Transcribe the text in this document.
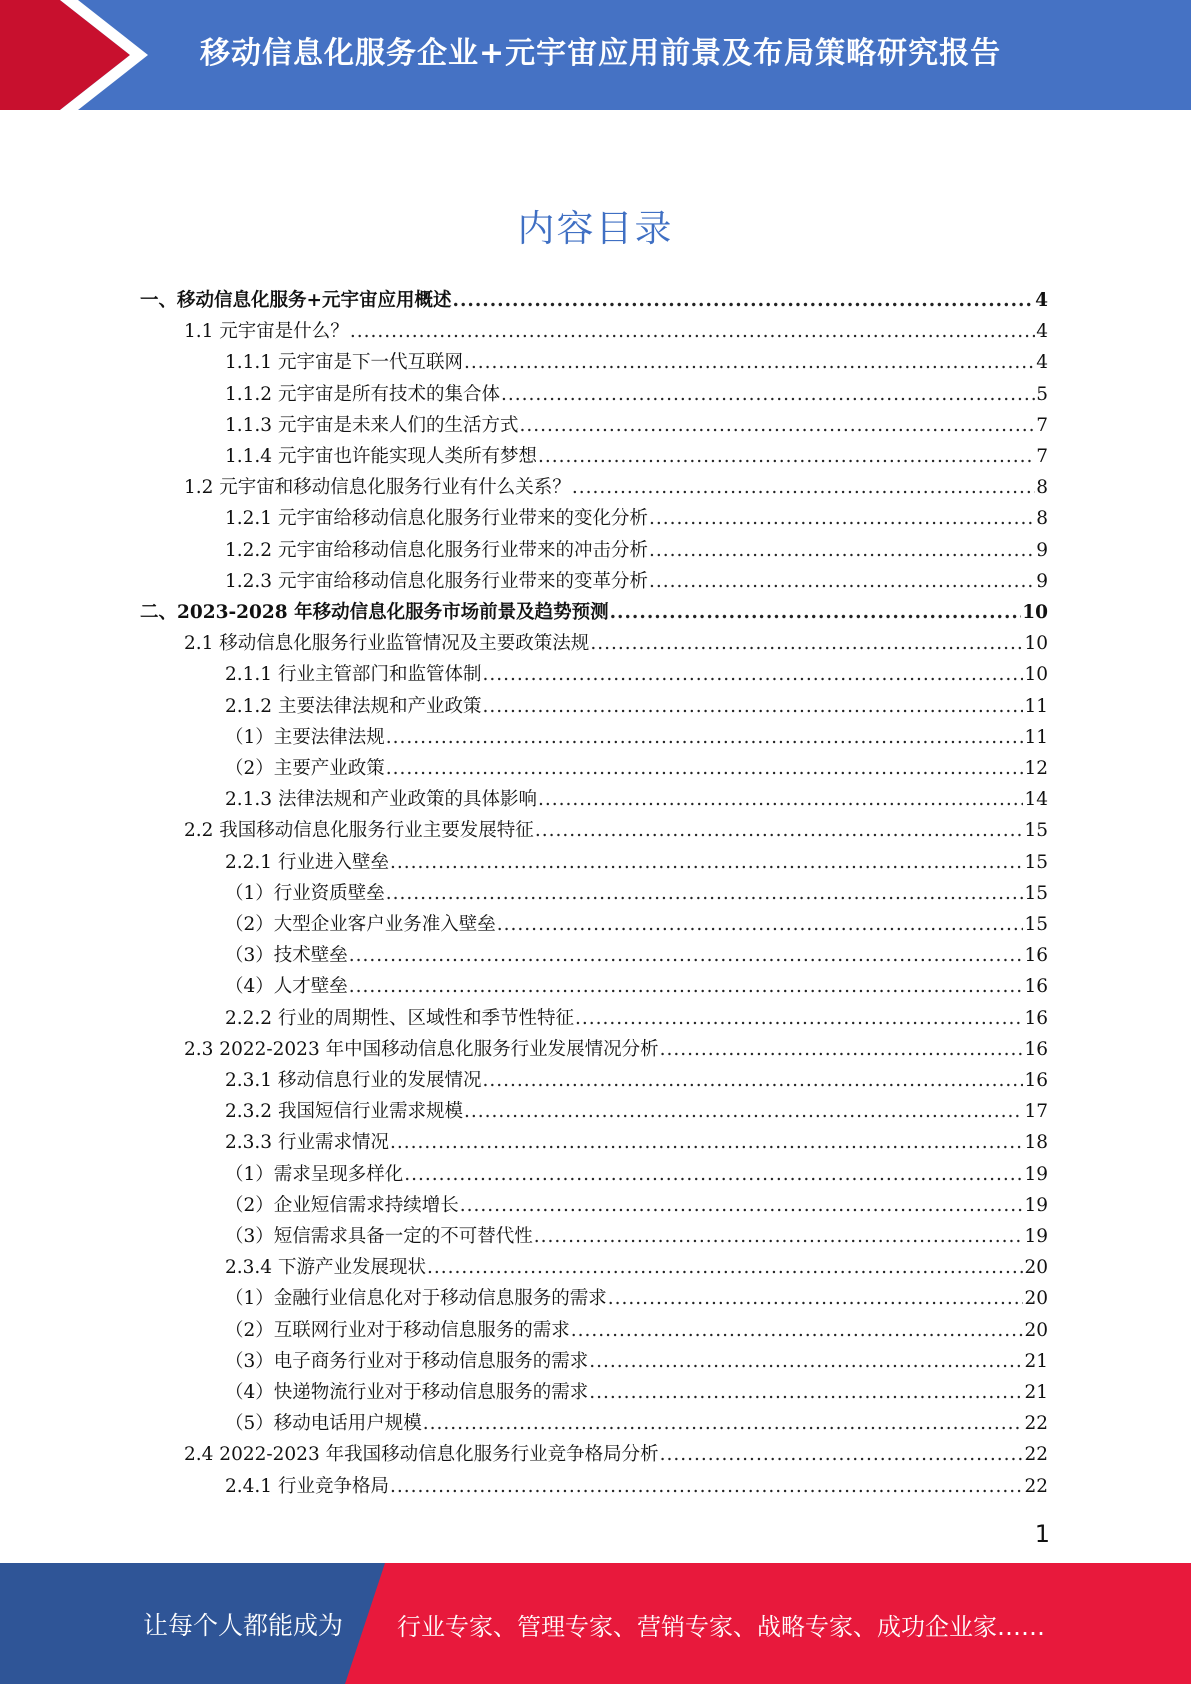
移动信息化服务企业+元宇宙应用前景及布局策略研究报告
内容目录
一、移动信息化服务+元宇宙应用概述 .....	4
1.1 元宇宙是什么？ .....	4
1.1.1 元宇宙是下一代互联网 .....	4
1.1.2 元宇宙是所有技术的集合体 .....	5
1.1.3 元宇宙是未来人们的生活方式 .....	7
1.1.4 元宇宙也许能实现人类所有梦想 .....	7
1.2 元宇宙和移动信息化服务行业有什么关系？ .....	8
1.2.1 元宇宙给移动信息化服务行业带来的变化分析 .....	8
1.2.2 元宇宙给移动信息化服务行业带来的冲击分析 .....	9
1.2.3 元宇宙给移动信息化服务行业带来的变革分析 .....	9
二、2023-2028 年移动信息化服务市场前景及趋势预测 .....	10
2.1 移动信息化服务行业监管情况及主要政策法规 .....	10
2.1.1 行业主管部门和监管体制 .....	10
2.1.2 主要法律法规和产业政策 .....	11
（1）主要法律法规 .....	11
（2）主要产业政策 .....	12
2.1.3 法律法规和产业政策的具体影响 .....	14
2.2 我国移动信息化服务行业主要发展特征 .....	15
2.2.1 行业进入壁垒 .....	15
（1）行业资质壁垒 .....	15
（2）大型企业客户业务准入壁垒 .....	15
（3）技术壁垒 .....	16
（4）人才壁垒 .....	16
2.2.2 行业的周期性、区域性和季节性特征 .....	16
2.3 2022-2023 年中国移动信息化服务行业发展情况分析 .....	16
2.3.1 移动信息行业的发展情况 .....	16
2.3.2 我国短信行业需求规模 .....	17
2.3.3 行业需求情况 .....	18
（1）需求呈现多样化 .....	19
（2）企业短信需求持续增长 .....	19
（3）短信需求具备一定的不可替代性 .....	19
2.3.4 下游产业发展现状 .....	20
（1）金融行业信息化对于移动信息服务的需求 .....	20
（2）互联网行业对于移动信息服务的需求 .....	20
（3）电子商务行业对于移动信息服务的需求 .....	21
（4）快递物流行业对于移动信息服务的需求 .....	21
（5）移动电话用户规模 .....	22
2.4 2022-2023 年我国移动信息化服务行业竞争格局分析 .....	22
2.4.1 行业竞争格局 .....	22
1
让每个人都能成为 行业专家、管理专家、营销专家、战略专家、成功企业家……
